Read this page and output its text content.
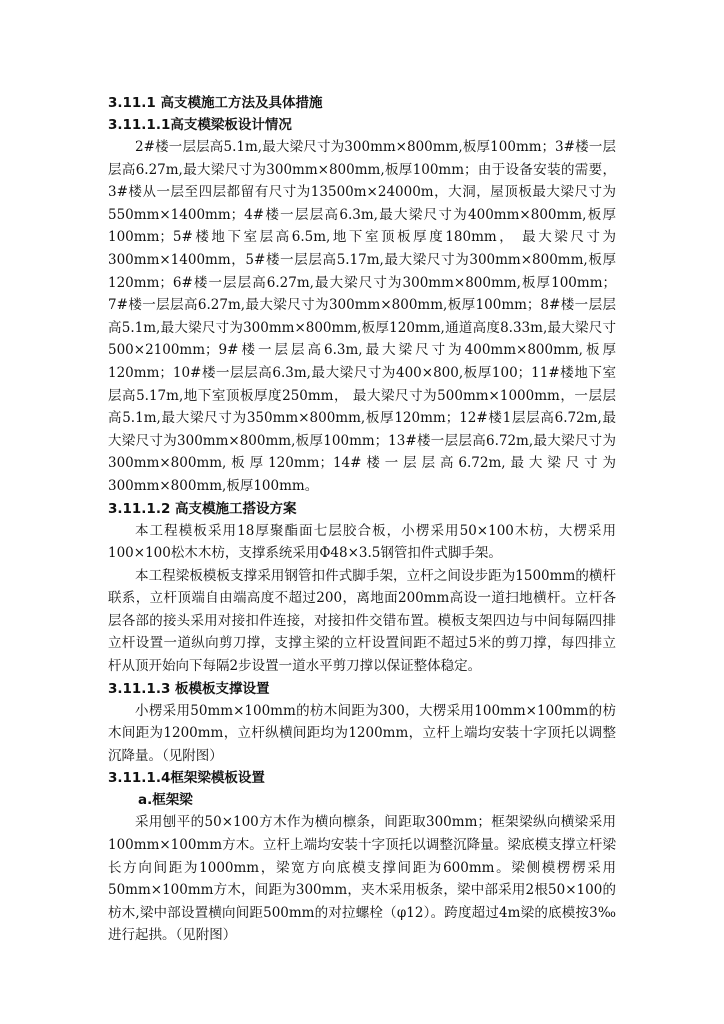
3.11.1 高支模施工方法及具体措施
3.11.1.1高支模梁板设计情况

2#楼一层层高5.1m,最大梁尺寸为300mm×800mm,板厚100mm；3#楼一层层高6.27m,最大梁尺寸为300mm×800mm,板厚100mm；由于设备安装的需要，3#楼从一层至四层都留有尺寸为13500m×24000m，大洞，屋顶板最大梁尺寸为550mm×1400mm；4#楼一层层高6.3m,最大梁尺寸为400mm×800mm,板厚100mm；5#楼地下室层高6.5m,地下室顶板厚度180mm， 最大梁尺寸为300mm×1400mm，5#楼一层层高5.17m,最大梁尺寸为300mm×800mm,板厚120mm；6#楼一层层高6.27m,最大梁尺寸为300mm×800mm,板厚100mm；7#楼一层层高6.27m,最大梁尺寸为300mm×800mm,板厚100mm；8#楼一层层高5.1m,最大梁尺寸为300mm×800mm,板厚120mm,通道高度8.33m,最大梁尺寸500×2100mm；9#楼一层层高6.3m,最大梁尺寸为400mm×800mm,板厚120mm；10#楼一层层高6.3m,最大梁尺寸为400×800,板厚100；11#楼地下室层高5.17m,地下室顶板厚度250mm， 最大梁尺寸为500mm×1000mm，一层层高5.1m,最大梁尺寸为350mm×800mm,板厚120mm；12#楼1层层高6.72m,最大梁尺寸为300mm×800mm,板厚100mm；13#楼一层层高6.72m,最大梁尺寸为300mm×800mm,板厚120mm；14#楼一层层高6.72m,最大梁尺寸为300mm×800mm,板厚100mm。

3.11.1.2 高支模施工搭设方案

本工程模板采用18厚聚酯面七层胶合板，小楞采用50×100木枋，大楞采用100×100松木木枋，支撑系统采用Φ48×3.5钢管扣件式脚手架。

本工程梁板模板支撑采用钢管扣件式脚手架，立杆之间设步距为1500mm的横杆联系，立杆顶端自由端高度不超过200，离地面200mm高设一道扫地横杆。立杆各层各部的接头采用对接扣件连接，对接扣件交错布置。模板支架四边与中间每隔四排立杆设置一道纵向剪刀撑，支撑主梁的立杆设置间距不超过5米的剪刀撑，每四排立杆从顶开始向下每隔2步设置一道水平剪刀撑以保证整体稳定。

3.11.1.3 板模板支撑设置

小楞采用50mm×100mm的枋木间距为300，大楞采用100mm×100mm的枋木间距为1200mm，立杆纵横间距均为1200mm，立杆上端均安装十字顶托以调整沉降量。（见附图）

3.11.1.4框架梁模板设置
a.框架梁

采用刨平的50×100方木作为横向檩条，间距取300mm；框架梁纵向横梁采用100mm×100mm方木。立杆上端均安装十字顶托以调整沉降量。梁底模支撑立杆梁长方向间距为1000mm，梁宽方向底模支撑间距为600mm。梁侧模楞楞采用50mm×100mm方木，间距为300mm，夹木采用板条，梁中部采用2根50×100的枋木,梁中部设置横向间距500mm的对拉螺栓（φ12）。跨度超过4m梁的底模按3‰进行起拱。（见附图）
